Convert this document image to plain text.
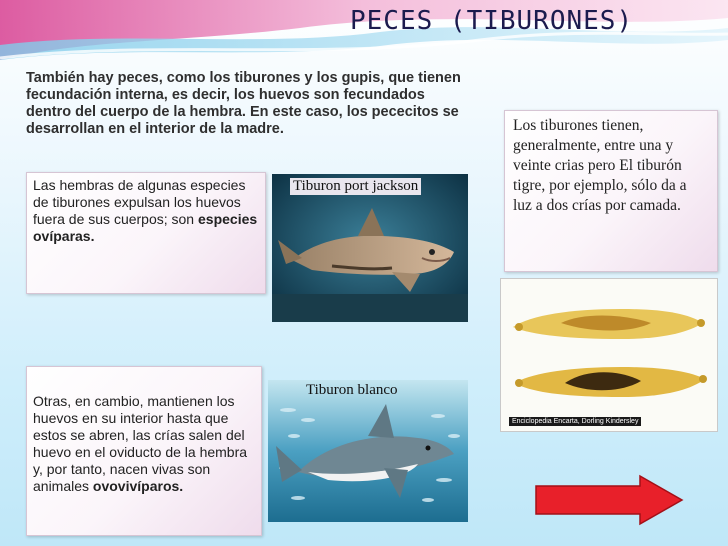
PECES (TIBURONES)
También hay peces, como los tiburones y los gupis, que tienen fecundación interna, es decir, los huevos son fecundados dentro del cuerpo de la hembra. En este caso, los pececitos se desarrollan en el interior de la madre.
Las hembras de algunas especies de tiburones expulsan los huevos fuera de sus cuerpos; son especies ovíparas.
Otras, en cambio, mantienen los huevos en su interior hasta que estos se abren, las crías salen del huevo en el oviducto de la hembra y, por tanto, nacen vivas son animales ovovivíparos.
Los tiburones tienen, generalmente, entre una y veinte crias pero El tiburón tigre, por ejemplo, sólo da a luz a dos crías por camada.
Tiburon port jackson
Tiburon blanco
Enciclopedia Encarta, Dorling Kindersley
